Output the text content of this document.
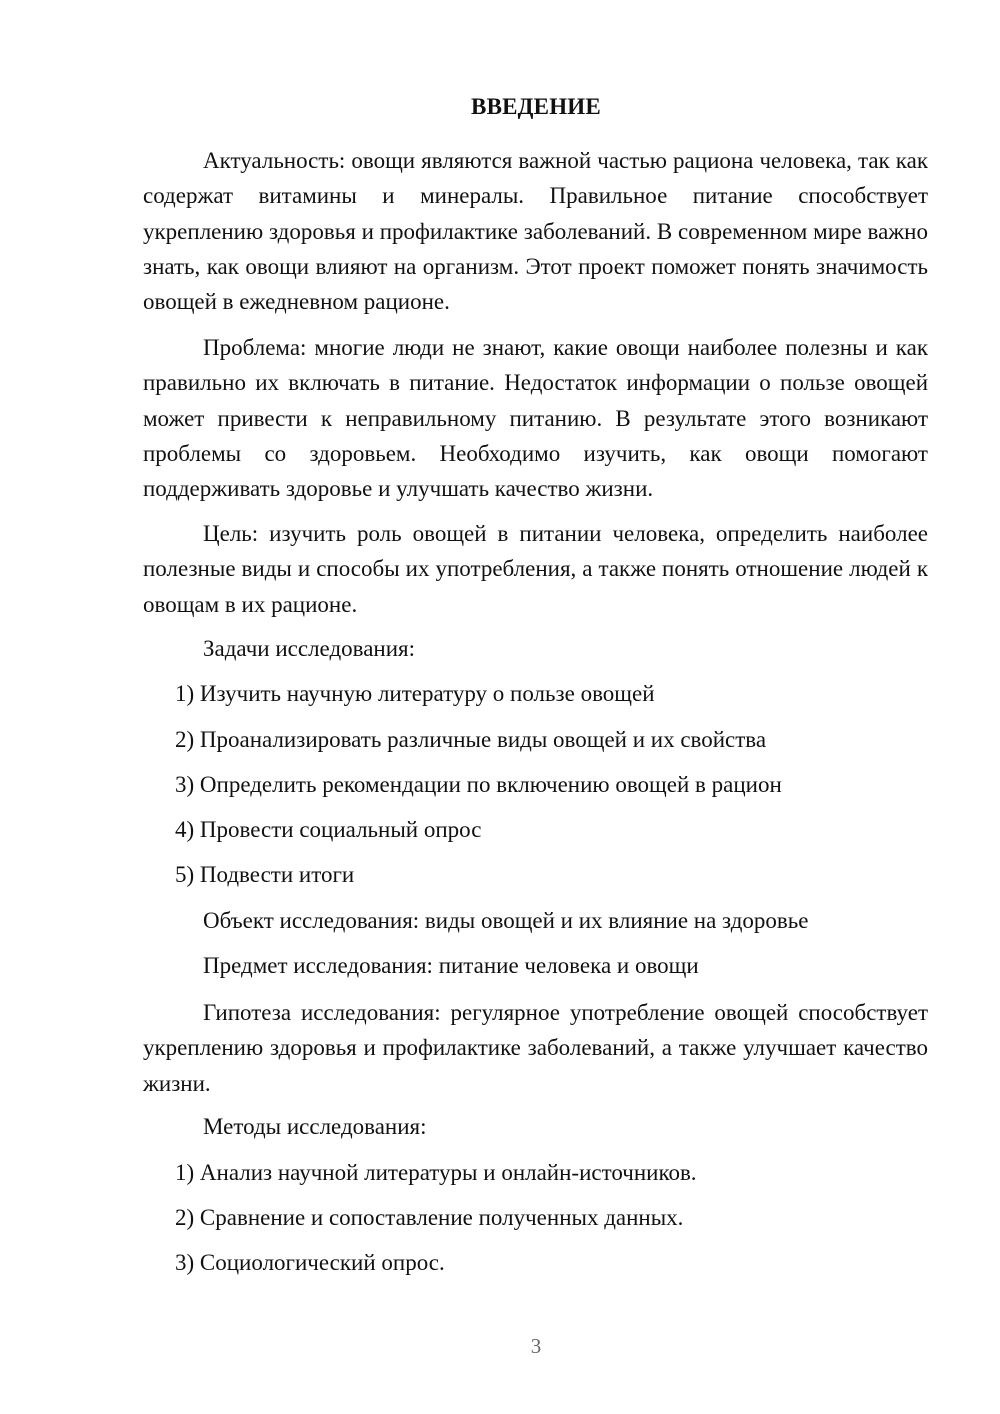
ВВЕДЕНИЕ

Актуальность: овощи являются важной частью рациона человека, так как содержат витамины и минералы. Правильное питание способствует укреплению здоровья и профилактике заболеваний. В современном мире важно знать, как овощи влияют на организм. Этот проект поможет понять значимость овощей в ежедневном рационе.

Проблема: многие люди не знают, какие овощи наиболее полезны и как правильно их включать в питание. Недостаток информации о пользе овощей может привести к неправильному питанию. В результате этого возникают проблемы со здоровьем. Необходимо изучить, как овощи помогают поддерживать здоровье и улучшать качество жизни.

Цель: изучить роль овощей в питании человека, определить наиболее полезные виды и способы их употребления, а также понять отношение людей к овощам в их рационе.

Задачи исследования:
1) Изучить научную литературу о пользе овощей
2) Проанализировать различные виды овощей и их свойства
3) Определить рекомендации по включению овощей в рацион
4) Провести социальный опрос
5) Подвести итоги
Объект исследования: виды овощей и их влияние на здоровье
Предмет исследования: питание человека и овощи

Гипотеза исследования: регулярное употребление овощей способствует укреплению здоровья и профилактике заболеваний, а также улучшает качество жизни.

Методы исследования:
1) Анализ научной литературы и онлайн-источников.
2) Сравнение и сопоставление полученных данных.
3) Социологический опрос.
3
